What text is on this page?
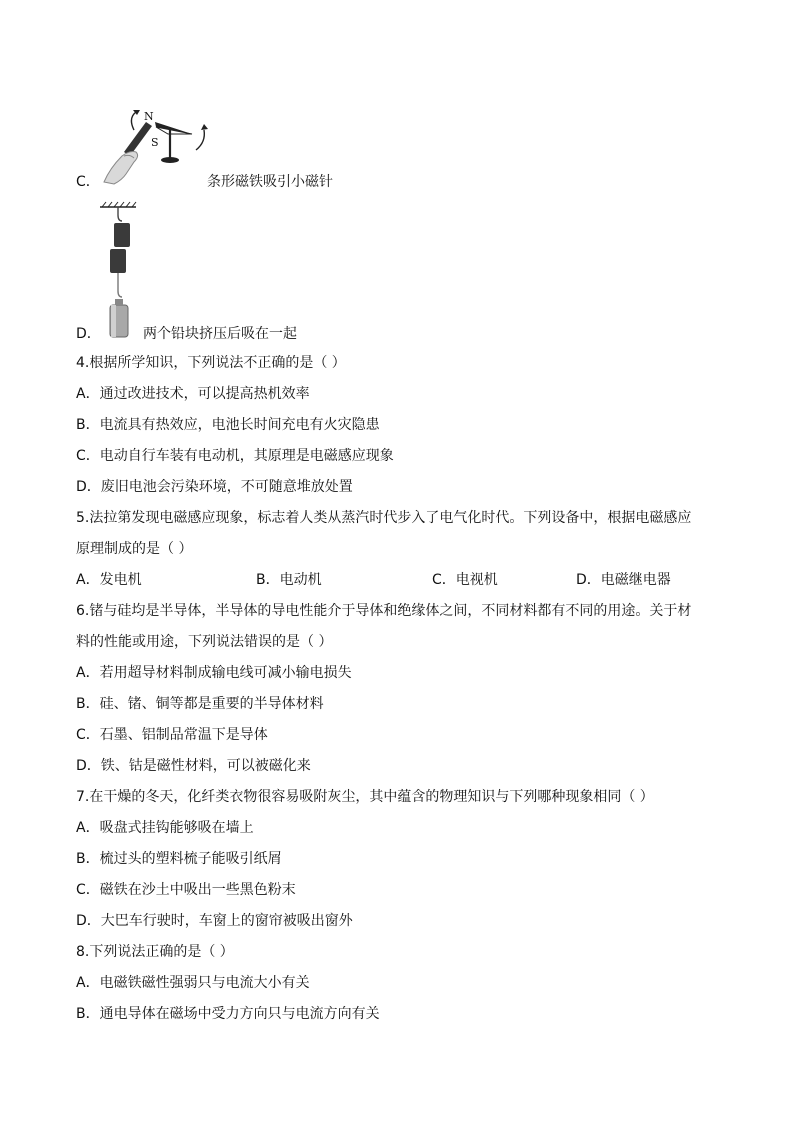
N
S
C．	条形磁铁吸引小磁针
D．	两个铅块挤压后吸在一起
4.根据所学知识，下列说法不正确的是（ ）
A．通过改进技术，可以提高热机效率
B．电流具有热效应，电池长时间充电有火灾隐患
C．电动自行车装有电动机，其原理是电磁感应现象
D．废旧电池会污染环境，不可随意堆放处置
5.法拉第发现电磁感应现象，标志着人类从蒸汽时代步入了电气化时代。下列设备中，根据电磁感应
原理制成的是（ ）
A．发电机	B．电动机	C．电视机	D．电磁继电器
6.锗与硅均是半导体，半导体的导电性能介于导体和绝缘体之间，不同材料都有不同的用途。关于材
料的性能或用途，下列说法错误的是（ ）
A．若用超导材料制成输电线可减小输电损失
B．硅、锗、铜等都是重要的半导体材料
C．石墨、铝制品常温下是导体
D．铁、钴是磁性材料，可以被磁化来
7.在干燥的冬天，化纤类衣物很容易吸附灰尘，其中蕴含的物理知识与下列哪种现象相同（ ）
A．吸盘式挂钩能够吸在墙上
B．梳过头的塑料梳子能吸引纸屑
C．磁铁在沙土中吸出一些黑色粉末
D．大巴车行驶时，车窗上的窗帘被吸出窗外
8.下列说法正确的是（ ）
A．电磁铁磁性强弱只与电流大小有关
B．通电导体在磁场中受力方向只与电流方向有关
